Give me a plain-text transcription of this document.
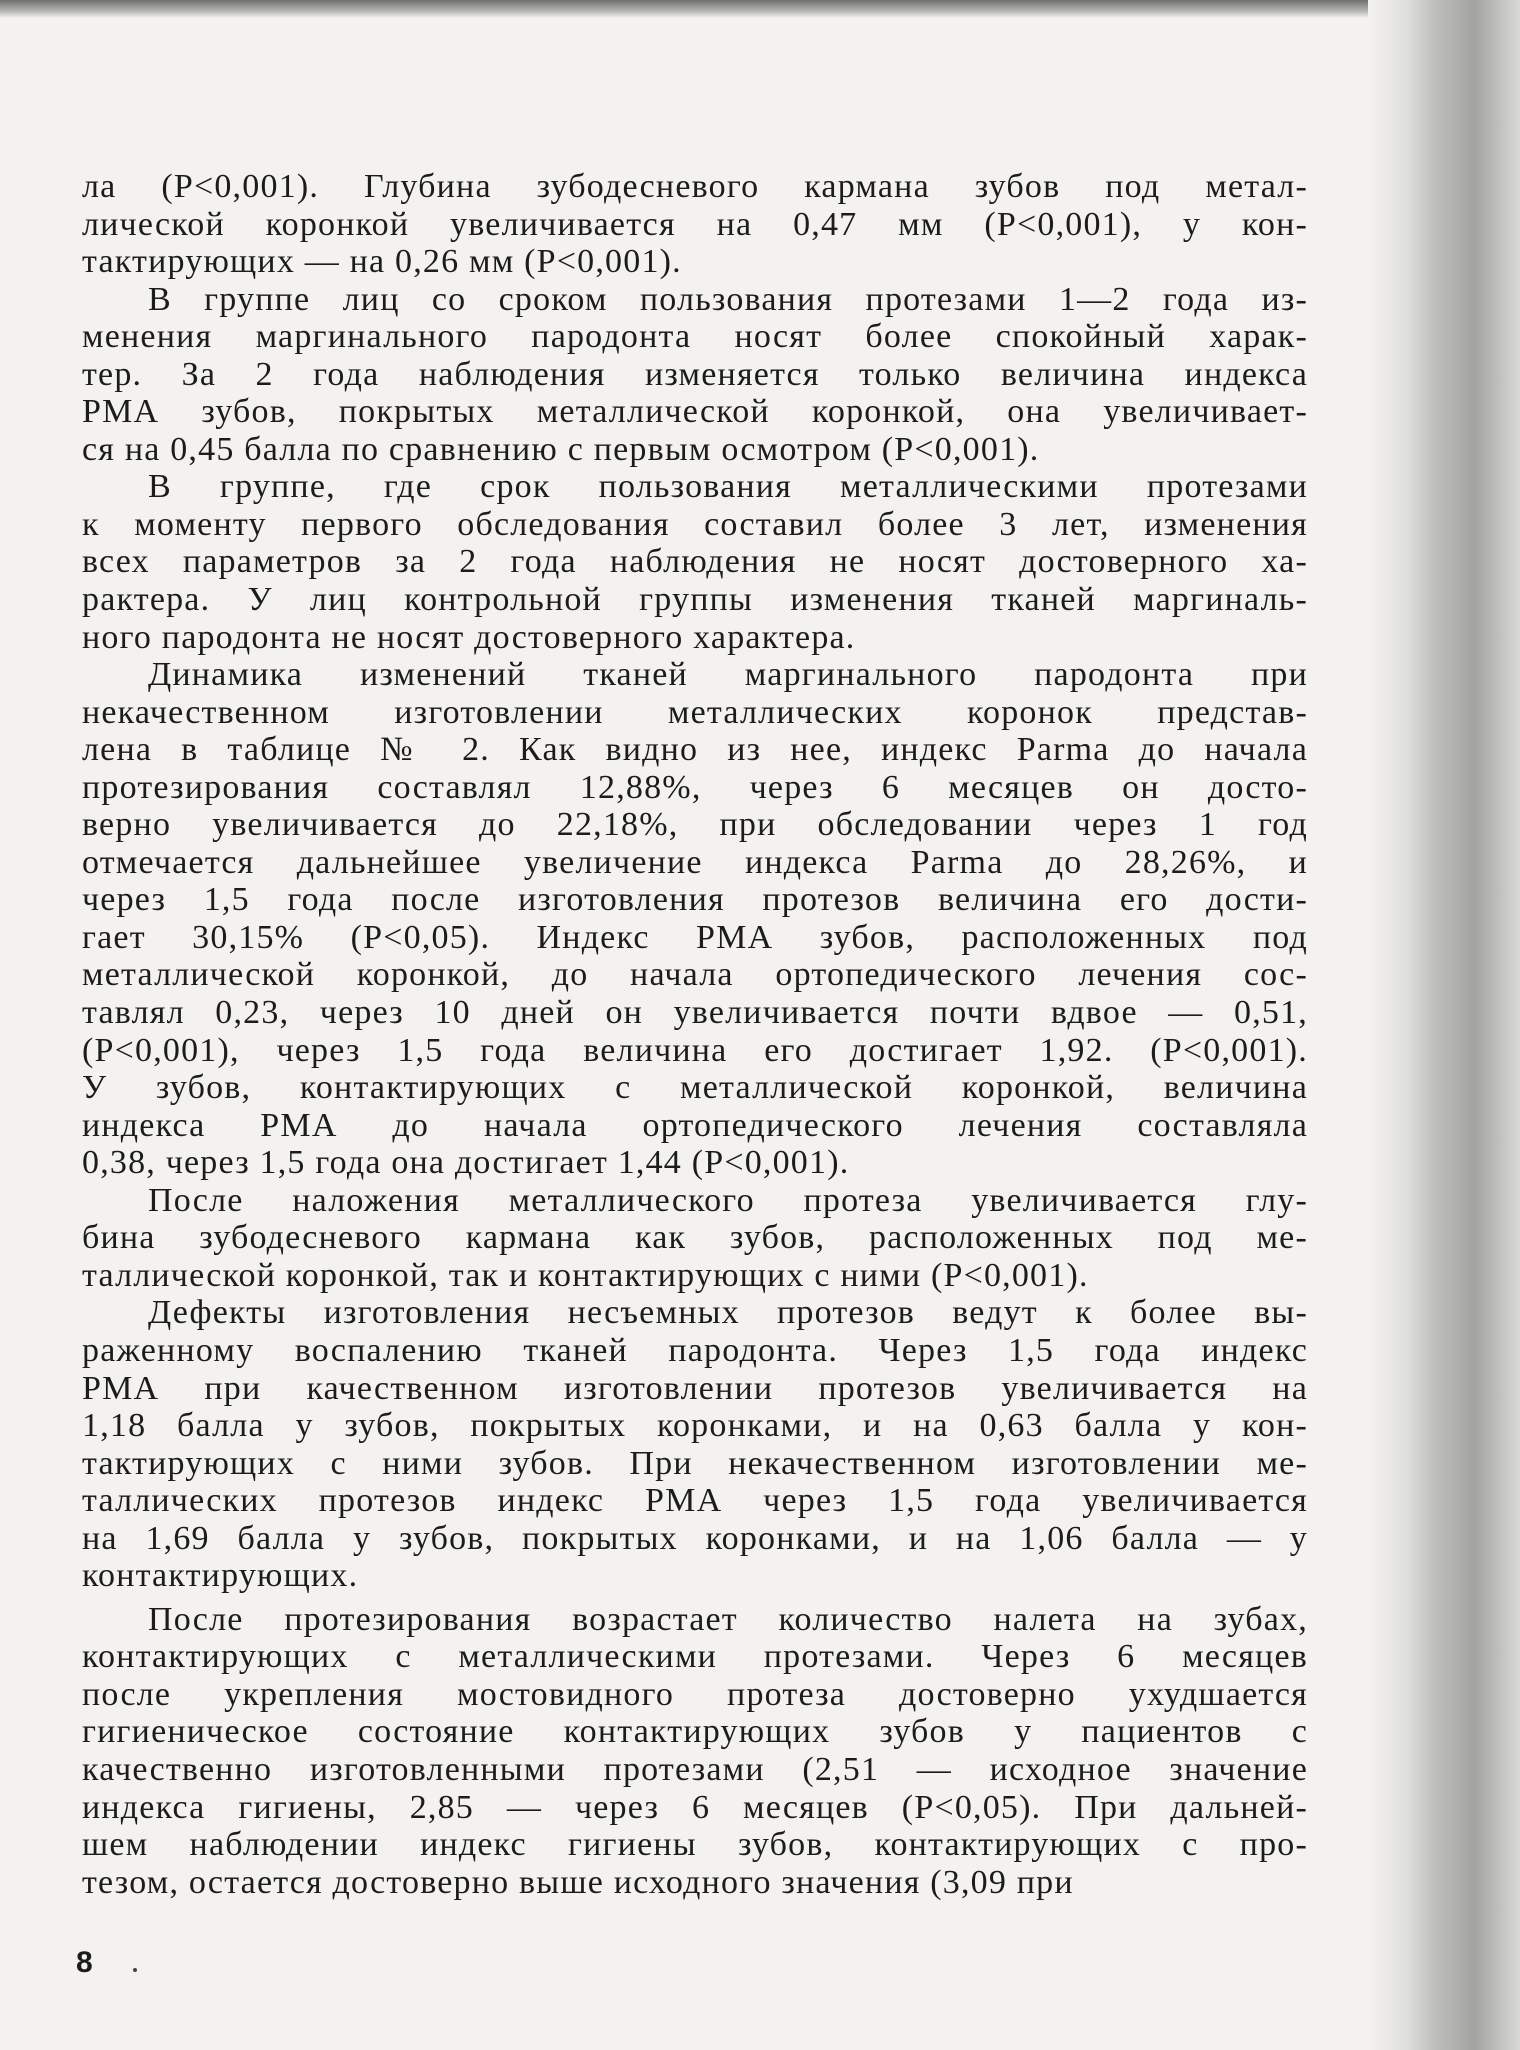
ла (P<0,001). Глубина зубодесневого кармана зубов под метал-
лической коронкой увеличивается на 0,47 мм (P<0,001), у кон-
тактирующих — на 0,26 мм (P<0,001).
В группе лиц со сроком пользования протезами 1—2 года из-
менения маргинального пародонта носят более спокойный харак-
тер. За 2 года наблюдения изменяется только величина индекса
РМА зубов, покрытых металлической коронкой, она увеличивает-
ся на 0,45 балла по сравнению с первым осмотром (P<0,001).
В группе, где срок пользования металлическими протезами
к моменту первого обследования составил более 3 лет, изменения
всех параметров за 2 года наблюдения не носят достоверного ха-
рактера. У лиц контрольной группы изменения тканей маргиналь-
ного пародонта не носят достоверного характера.
Динамика изменений тканей маргинального пародонта при
некачественном изготовлении металлических коронок представ-
лена в таблице № 2. Как видно из нее, индекс Parma до начала
протезирования составлял 12,88%, через 6 месяцев он досто-
верно увеличивается до 22,18%, при обследовании через 1 год
отмечается дальнейшее увеличение индекса Parma до 28,26%, и
через 1,5 года после изготовления протезов величина его дости-
гает 30,15% (P<0,05). Индекс РМА зубов, расположенных под
металлической коронкой, до начала ортопедического лечения сос-
тавлял 0,23, через 10 дней он увеличивается почти вдвое — 0,51,
(P<0,001), через 1,5 года величина его достигает 1,92. (P<0,001).
У зубов, контактирующих с металлической коронкой, величина
индекса РМА до начала ортопедического лечения составляла
0,38, через 1,5 года она достигает 1,44 (P<0,001).
После наложения металлического протеза увеличивается глу-
бина зубодесневого кармана как зубов, расположенных под ме-
таллической коронкой, так и контактирующих с ними (P<0,001).
Дефекты изготовления несъемных протезов ведут к более вы-
раженному воспалению тканей пародонта. Через 1,5 года индекс
РМА при качественном изготовлении протезов увеличивается на
1,18 балла у зубов, покрытых коронками, и на 0,63 балла у кон-
тактирующих с ними зубов. При некачественном изготовлении ме-
таллических протезов индекс РМА через 1,5 года увеличивается
на 1,69 балла у зубов, покрытых коронками, и на 1,06 балла — у
контактирующих.
После протезирования возрастает количество налета на зубах,
контактирующих с металлическими протезами. Через 6 месяцев
после укрепления мостовидного протеза достоверно ухудшается
гигиеническое состояние контактирующих зубов у пациентов с
качественно изготовленными протезами (2,51 — исходное значение
индекса гигиены, 2,85 — через 6 месяцев (P<0,05). При дальней-
шем наблюдении индекс гигиены зубов, контактирующих с про-
тезом, остается достоверно выше исходного значения (3,09 при
8
